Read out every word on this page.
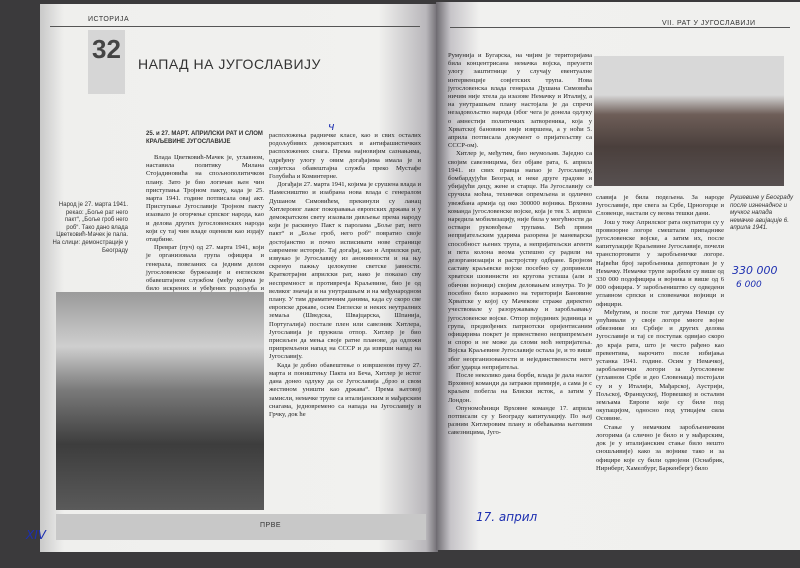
ИСТОРИЈА
32 НАПАД НА ЈУГОСЛАВИЈУ
25. и 27. МАРТ. АПРИЛСКИ РАТ И СЛОМ КРАЉЕВИНЕ ЈУГОСЛАВИЈЕ
Народ је 27. марта 1941. рекао: „Боље рат него пакт“, „Боље гроб него роб“. Тако дано влада Цветковић-Мачек је пала. На слици: демонстрације у Београду

Влада Цветковић-Мачек је, углавном, наставила политику Милана Стојадиновића на спољнополитичком плану. Зато је био логичан њен чин приступања Тројном пакту, када је 25. марта 1941. године потписала овај акт. Приступање Југославије Тројном пакту изазвало је огорчење српског народа, као и делова других југословенских народа који су тај чин владе оценили као издају отаџбине.

Преврат (пуч) од 27. марта 1941, који је организовала група официра и генерала, повезаних са једним делом југословенске буржоазије и енглеском обавештајном службом (међу којима је било искрених и убеђених родољуба и

расположења радничке класе, као и свих осталих родољубивих демократских и антифашистичких расположених снага. Према најновијим сазнањима, одређену улогу у овим догађајима имала је и совјетска обавештајна служба преко Мустафе Голубића и Коминтерне.

Догађаји 27. марта 1941, којима је срушена влада и Намесништво и изабрана нова влада с генералом Душаном Симовићем, прекинули су ланац Хитлеровог лаког покоравања европских држава и у демократском свету изазвали дивљење према народу који је раскинуо Пакт к паролама „Боље рат, него пакт“ и „Боље гроб, него роб“ повратио своје достојанство и почео исписивати нове странице савремене историје. Тај догађај, као и Априлски рат, извукао је Југославију из анонимности и на њу скренуо пажњу целокупне светске јавности. Краткотрајни априлски рат, иако је показао сву неспремност и противречја Краљевине, био је од великог значаја и на унутрашњем и на међународном плану. У тим драматичним данима, када су скоро све европске државе, осим Енглеске и неких неутралних земаља (Шведска, Швајцарска, Шпанија, Португалија) постале плен или савезник Хитлера, Југославија је пружила отпор. Хитлер је био присиљен да мења своје ратне планове, да одложи припремљени напад на СССР и да изврши напад на Југославију.

Када је добио обавештење о извршеном пучу 27. марта и поништењу Пакта из Беча, Хитлер је истог дана донео одлуку да се Југославија „брзо и свом жестином уништи као држава“. Према његовој замисли, немачке трупе са италијанским и мађарским снагама, једновремено са напада на Југославију и Грчку, док ће

ПРВЕ
ч
VII. РАТ У ЈУГОСЛАВИЈИ

Румунија и Бугарска, на чијим је територијама била концентрисана немачка војска, преузети улогу заштитнице у случају евентуалне интервенције совјетских трупа. Нова југословенска влада генерала Душана Симовића ничим није хтела да изазове Немачку и Италију, а на унутрашњем плану настојала је да спречи незадовољство народа (због чега је донела одлуку о амнестији политичких затвореника, која у Хрватској бановини није извршена, а у ноћи 5. априла потписала документ о пријатељству са СССР-ом).

Хитлер је, међутим, био неумољив. Заједно са својим савезницима, без објаве рата, 6. априла 1941. из свих правца напао је Југославију, бомбардујући Београд и неке друге градове и убијајући децу, жене и старце. На Југославију се сручила моћна, технички опремљена и одлично увежбана армија од око 300000 војника. Врховна команда југословенске војске, која је тек 3. априла наредила мобилизацију, није била у могућности да оствари руковођење трупама. Већ првим непријатељским ударима разорена је маневарска способност њених трупа, а непријатељски агенти и пета колона веома успешно су радили на дезорганизацији и растројству одбране. Бројном саставу краљевске војске посебно су допринели хрватски шовинисти из кругова усташа (али и обични војници) својим деловањем изнутра. То је посебно било изражено на територији Бановине Хрватске у којој су Мачекове страже директно учествовале у разоружавању и заробљавању југословенске војске. Отпор појединих јединица и група, предвођених патриотски оријентисаним официрима покрет је првенствено неприпремљен и споро и не може да сломи моћ непријатеља. Војска Краљевине Југославије остала је, и то више због неорганизованости и нејединствености него због ударца непријатеља.

После неколико дана борби, влада је дала налог Врховној команди да затражи примирје, а сама је с краљем побегла на Блиски исток, а затим у Лондон.

Опуномоћници Врховне команде 17. априла потписали су у Београду капитулацију. По њој разним Хитлеровим плану и обећањима његовим савезницима, Југо-

славија је била подељена. За народе Југославије, пре свега за Србе, Црногорце и Словенце, настали су веома тешки дани.

Још у току Априлског рата окупатори су у провизорне логоре смештали припаднике југословенске војске, а затим их, после капитулације Краљевине Југославије, почели транспортовати у заробљеничке логоре. Највећи број заробљеника депортован је у Немачку. Немачке трупе заробиле су више од 330 000 подофицира и војника и више од 6 000 официра. У заробљеништво су одведени углавном српски и словеначки војници и официри.

Међутим, и после тог датума Немци су упућивали у своје логоре многе војне обвезнике из Србије и других делова Југославије и тај се поступак одвијао скоро до краја рата, што је често рађено као превентива, нарочито после избијања устанка 1941. године. Осим у Немачкој, заробљенички логори за Југословене (углавном Србе и део Словенаца) постојали су и у Италији, Мађарској, Аустрији, Пољској, Француској, Норвешкој и осталим земљама Европе које су биле под окупацијом, односно под утицајем сила Осовине.

Стање у немачким заробљеничким логорима (а слично је било и у мађарским, док је у италијанским стање било нешто сношљивије) како за војнике тако и за официре које су били одвојени (Оснабрик, Нирнберг, Хамелбург, Баркенберг) било

Рушевине у Београду после изненадног и мучког напада немачке авијације 6. априла 1941.
330 000
6 000
17. април
XIV
